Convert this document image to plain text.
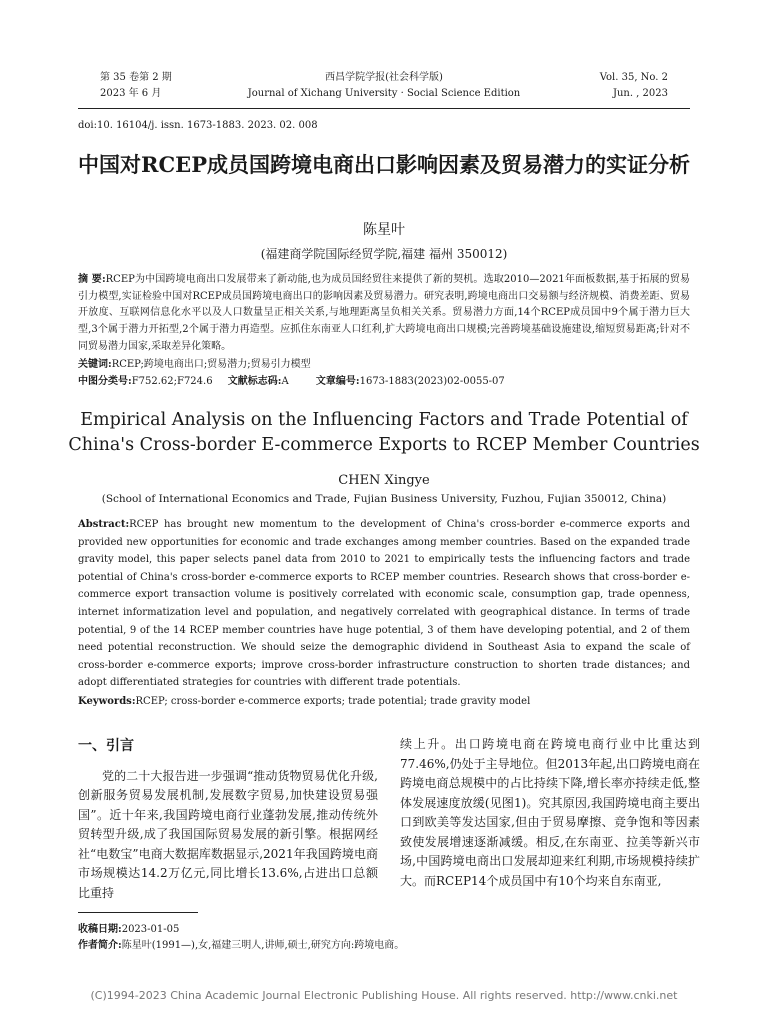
第 35 卷第 2 期
2023 年 6 月
西昌学院学报(社会科学版)
Journal of Xichang University · Social Science Edition
Vol. 35, No. 2
Jun. , 2023
doi:10. 16104/j. issn. 1673-1883. 2023. 02. 008
中国对RCEP成员国跨境电商出口影响因素及贸易潜力的实证分析
陈星叶
(福建商学院国际经贸学院,福建 福州 350012)
摘 要:RCEP为中国跨境电商出口发展带来了新动能,也为成员国经贸往来提供了新的契机。选取2010—2021年面板数据,基于拓展的贸易引力模型,实证检验中国对RCEP成员国跨境电商出口的影响因素及贸易潜力。研究表明,跨境电商出口交易额与经济规模、消费差距、贸易开放度、互联网信息化水平以及人口数量呈正相关关系,与地理距离呈负相关关系。贸易潜力方面,14个RCEP成员国中9个属于潜力巨大型,3个属于潜力开拓型,2个属于潜力再造型。应抓住东南亚人口红利,扩大跨境电商出口规模;完善跨境基础设施建设,缩短贸易距离;针对不同贸易潜力国家,采取差异化策略。
关键词:RCEP;跨境电商出口;贸易潜力;贸易引力模型
中图分类号:F752.62;F724.6 文献标志码:A	文章编号:1673-1883(2023)02-0055-07
Empirical Analysis on the Influencing Factors and Trade Potential of China's Cross-border E-commerce Exports to RCEP Member Countries
CHEN Xingye
(School of International Economics and Trade, Fujian Business University, Fuzhou, Fujian 350012, China)
Abstract:RCEP has brought new momentum to the development of China's cross-border e-commerce exports and provided new opportunities for economic and trade exchanges among member countries. Based on the expanded trade gravity model, this paper selects panel data from 2010 to 2021 to empirically tests the influencing factors and trade potential of China's cross-border e-commerce exports to RCEP member countries. Research shows that cross-border e-commerce export transaction volume is positively correlated with economic scale, consumption gap, trade openness, internet informatization level and population, and negatively correlated with geographical distance. In terms of trade potential, 9 of the 14 RCEP member countries have huge potential, 3 of them have developing potential, and 2 of them need potential reconstruction. We should seize the demographic dividend in Southeast Asia to expand the scale of cross-border e-commerce exports; improve cross-border infrastructure construction to shorten trade distances; and adopt differentiated strategies for countries with different trade potentials.
Keywords:RCEP; cross-border e-commerce exports; trade potential; trade gravity model
一、引言

党的二十大报告进一步强调“推动货物贸易优化升级,创新服务贸易发展机制,发展数字贸易,加快建设贸易强国”。近十年来,我国跨境电商行业蓬勃发展,推动传统外贸转型升级,成了我国国际贸易发展的新引擎。根据网经社“电数宝”电商大数据库数据显示,2021年我国跨境电商市场规模达14.2万亿元,同比增长13.6%,占进出口总额比重持

续上升。出口跨境电商在跨境电商行业中比重达到77.46%,仍处于主导地位。但2013年起,出口跨境电商在跨境电商总规模中的占比持续下降,增长率亦持续走低,整体发展速度放缓(见图1)。究其原因,我国跨境电商主要出口到欧美等发达国家,但由于贸易摩擦、竞争饱和等因素致使发展增速逐渐减缓。相反,在东南亚、拉美等新兴市场,中国跨境电商出口发展却迎来红利期,市场规模持续扩大。而RCEP14个成员国中有10个均来自东南亚,

收稿日期:2023-01-05
作者简介:陈星叶(1991—),女,福建三明人,讲师,硕士,研究方向:跨境电商。
(C)1994-2023 China Academic Journal Electronic Publishing House. All rights reserved. http://www.cnki.net
